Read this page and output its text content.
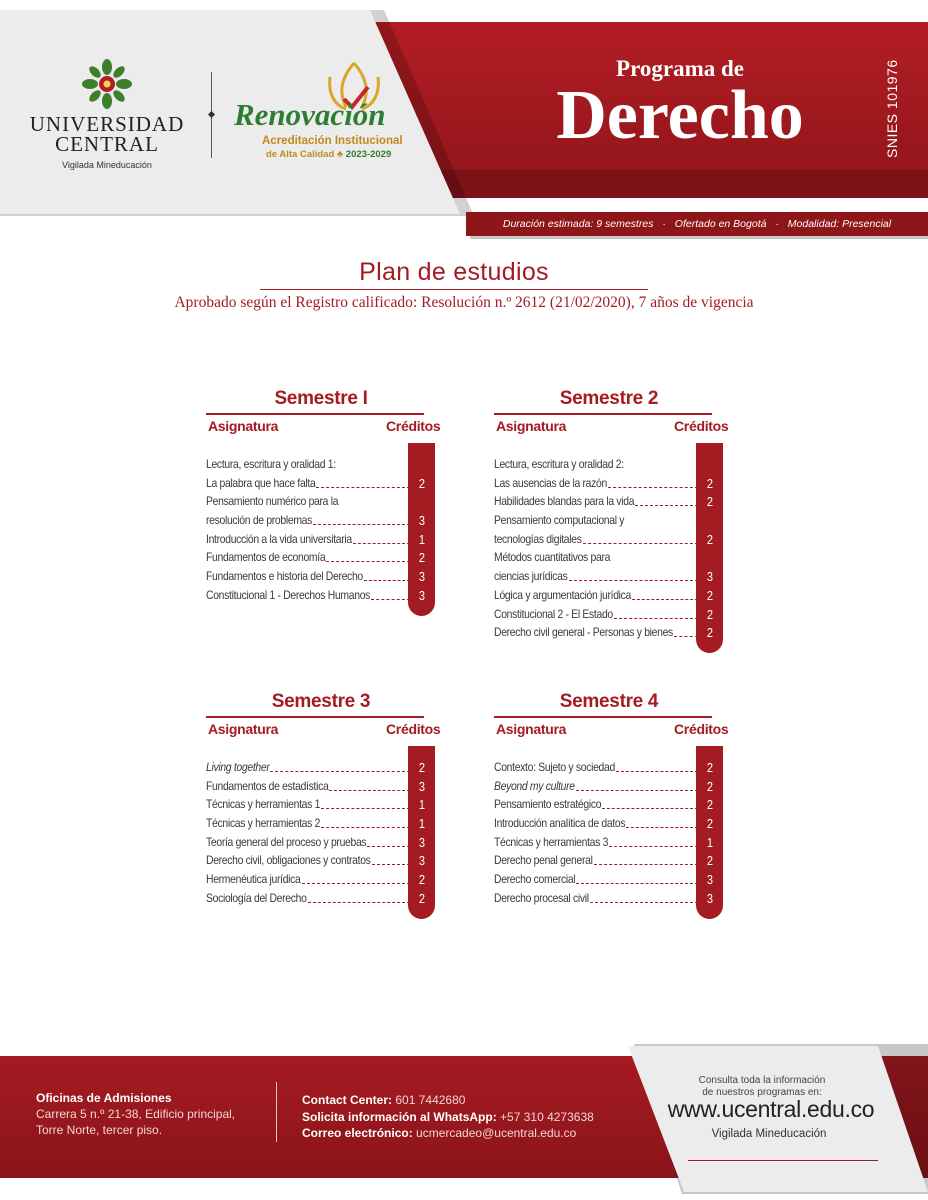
UNIVERSIDAD
CENTRAL
Vigilada Mineducación
Renovación
Acreditación Institucional
de Alta Calidad ♣ 2023-2029
Programa de
Derecho	SNIES 101976
Duración estimada: 9 semestres · Ofertado en Bogotá · Modalidad: Presencial
Plan de estudios
Aprobado según el Registro calificado: Resolución n.º 2612 (21/02/2020), 7 años de vigencia
Semestre I
Asignatura	Créditos
Lectura, escritura y oralidad 1:
La palabra que hace falta	2
Pensamiento numérico para la
resolución de problemas	3
Introducción a la vida universitaria	1
Fundamentos de economía	2
Fundamentos e historia del Derecho	3
Constitucional 1 - Derechos Humanos	3
Semestre 2
Asignatura	Créditos
Lectura, escritura y oralidad 2:
Las ausencias de la razón	2
Habilidades blandas para la vida	2
Pensamiento computacional y
tecnologías digitales	2
Métodos cuantitativos para
ciencias jurídicas	3
Lógica y argumentación jurídica	2
Constitucional 2 - El Estado	2
Derecho civil general - Personas y bienes	2
Semestre 3
Asignatura	Créditos
Living together	2
Fundamentos de estadística	3
Técnicas y herramientas 1	1
Técnicas y herramientas 2	1
Teoría general del proceso y pruebas	3
Derecho civil, obligaciones y contratos	3
Hermenéutica jurídica	2
Sociología del Derecho	2
Semestre 4
Asignatura	Créditos
Contexto: Sujeto y sociedad	2
Beyond my culture	2
Pensamiento estratégico	2
Introducción analítica de datos	2
Técnicas y herramientas 3	1
Derecho penal general	2
Derecho comercial	3
Derecho procesal civil	3
Oficinas de Admisiones
Carrera 5 n.º 21-38, Edificio principal,
Torre Norte, tercer piso.
Contact Center: 601 7442680
Solicita información al WhatsApp: +57 310 4273638
Correo electrónico: ucmercadeo@ucentral.edu.co
Consulta toda la información
de nuestros programas en:
www.ucentral.edu.co
Vigilada Mineducación
